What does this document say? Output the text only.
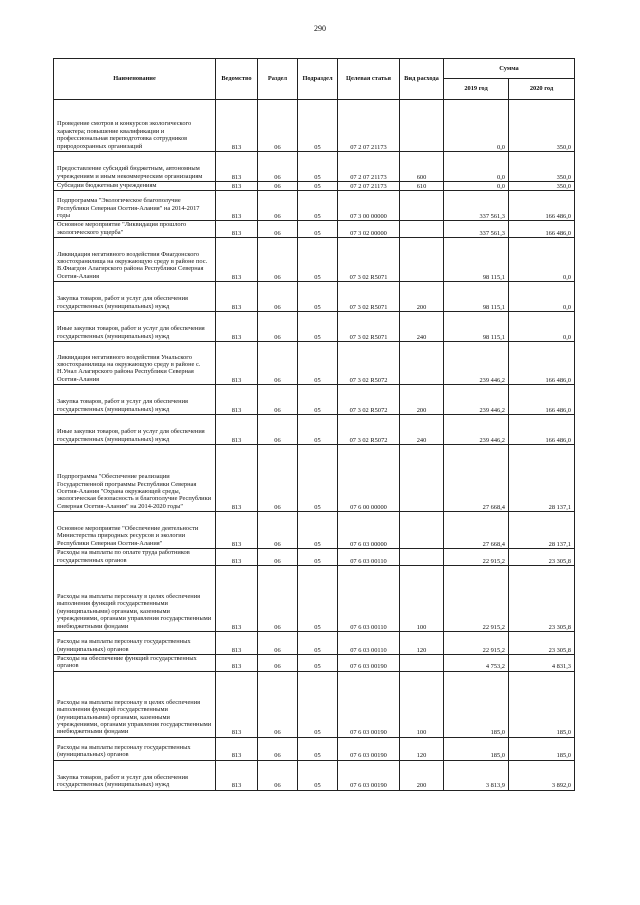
290
Наименование	Ведомство	Раздел	Подраздел	Целевая статья	Вид расхода	Сумма	
						2019 год	2020 год
Проведение смотров и конкурсов экологического характера; повышение квалификации и профессиональная переподготовка сотрудников природоохранных организаций	813	06	05	07 2 07 21173		0,0	350,0
Предоставление субсидий бюджетным, автономным учреждениям и иным некоммерческим организациям	813	06	05	07 2 07 21173	600	0,0	350,0
Субсидии бюджетным учреждениям	813	06	05	07 2 07 21173	610	0,0	350,0
Подпрограмма "Экологическое благополучие Республики Северная Осетия-Алания" на 2014-2017 годы	813	06	05	07 3 00 00000		337 561,3	166 486,0
Основное мероприятие "Ликвидация прошлого экологического ущерба"	813	06	05	07 3 02 00000		337 561,3	166 486,0
Ликвидация негативного воздействия Фиагдонского хвостохранилища на окружающую среду в районе пос. В.Фиагдон Алагирского района Республики Северная Осетия-Алания	813	06	05	07 3 02 R5071		98 115,1	0,0
Закупка товаров, работ и услуг для обеспечения государственных (муниципальных) нужд	813	06	05	07 3 02 R5071	200	98 115,1	0,0
Иные закупки товаров, работ и услуг для обеспечения государственных (муниципальных) нужд	813	06	05	07 3 02 R5071	240	98 115,1	0,0
Ликвидация негативного воздействия Унальского хвостохранилища на окружающую среду в районе с. Н.Унал Алагирского района Республики Северная Осетия-Алания	813	06	05	07 3 02 R5072		239 446,2	166 486,0
Закупка товаров, работ и услуг для обеспечения государственных (муниципальных) нужд	813	06	05	07 3 02 R5072	200	239 446,2	166 486,0
Иные закупки товаров, работ и услуг для обеспечения государственных (муниципальных) нужд	813	06	05	07 3 02 R5072	240	239 446,2	166 486,0
Подпрограмма "Обеспечение реализации Государственной программы Республики Северная Осетия-Алания "Охрана окружающей среды, экологическая безопасность и благополучие Республики Северная Осетия-Алания" на 2014-2020 годы"	813	06	05	07 6 00 00000		27 668,4	28 137,1
Основное мероприятие "Обеспечение деятельности Министерства природных ресурсов и экологии Республики Северная Осетия-Алания"	813	06	05	07 6 03 00000		27 668,4	28 137,1
Расходы на выплаты по оплате труда работников государственных органов	813	06	05	07 6 03 00110		22 915,2	23 305,8
Расходы на выплаты персоналу в целях обеспечения выполнения функций государственными (муниципальными) органами, казенными учреждениями, органами управления государственными внебюджетными фондами	813	06	05	07 6 03 00110	100	22 915,2	23 305,8
Расходы на выплаты персоналу государственных (муниципальных) органов	813	06	05	07 6 03 00110	120	22 915,2	23 305,8
Расходы на обеспечение функций государственных органов	813	06	05	07 6 03 00190		4 753,2	4 831,3
Расходы на выплаты персоналу в целях обеспечения выполнения функций государственными (муниципальными) органами, казенными учреждениями, органами управления государственными внебюджетными фондами	813	06	05	07 6 03 00190	100	185,0	185,0
Расходы на выплаты персоналу государственных (муниципальных) органов	813	06	05	07 6 03 00190	120	185,0	185,0
Закупка товаров, работ и услуг для обеспечения государственных (муниципальных) нужд	813	06	05	07 6 03 00190	200	3 813,9	3 892,0
